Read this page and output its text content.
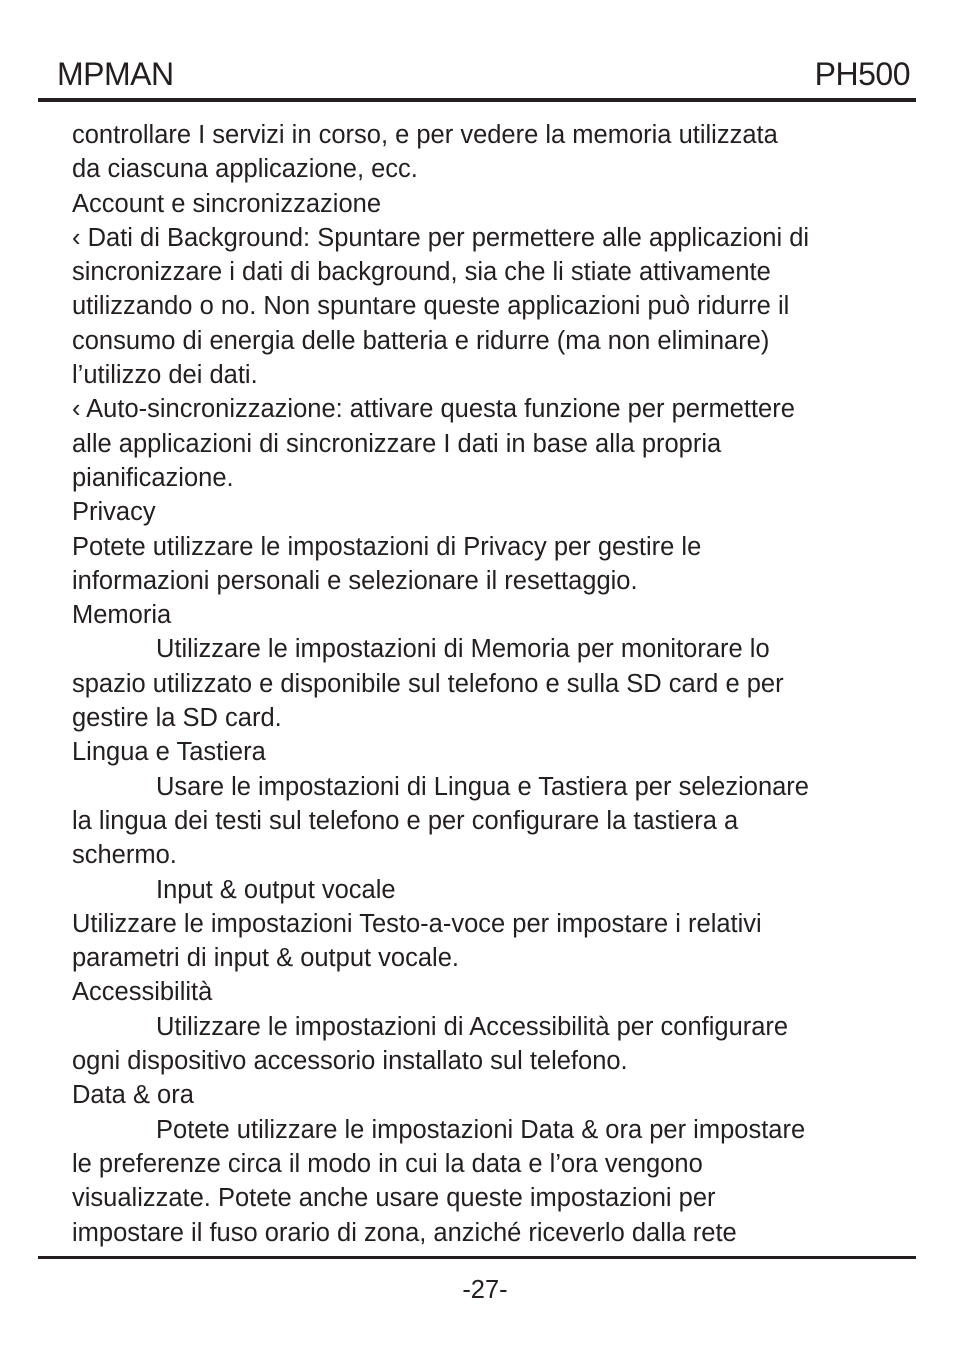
MPMAN	PH500
controllare I servizi in corso, e per vedere la memoria utilizzata
da ciascuna applicazione, ecc.
Account e sincronizzazione
‹ Dati di Background: Spuntare per permettere alle applicazioni di
sincronizzare i dati di background, sia che li stiate attivamente
utilizzando o no. Non spuntare queste applicazioni può ridurre il
consumo di energia delle batteria e ridurre (ma non eliminare)
l’utilizzo dei dati.
‹ Auto-sincronizzazione: attivare questa funzione per permettere
alle applicazioni di sincronizzare I dati in base alla propria
pianificazione.
Privacy
Potete utilizzare le impostazioni di Privacy per gestire le
informazioni personali e selezionare il resettaggio.
Memoria
Utilizzare le impostazioni di Memoria per monitorare lo
spazio utilizzato e disponibile sul telefono e sulla SD card e per
gestire la SD card.
Lingua e Tastiera
Usare le impostazioni di Lingua e Tastiera per selezionare
la lingua dei testi sul telefono e per configurare la tastiera a
schermo.
Input & output vocale
Utilizzare le impostazioni Testo-a-voce per impostare i relativi
parametri di input & output vocale.
Accessibilità
Utilizzare le impostazioni di Accessibilità per configurare
ogni dispositivo accessorio installato sul telefono.
Data & ora
Potete utilizzare le impostazioni Data & ora per impostare
le preferenze circa il modo in cui la data e l’ora vengono
visualizzate. Potete anche usare queste impostazioni per
impostare il fuso orario di zona, anziché riceverlo dalla rete
-27-
